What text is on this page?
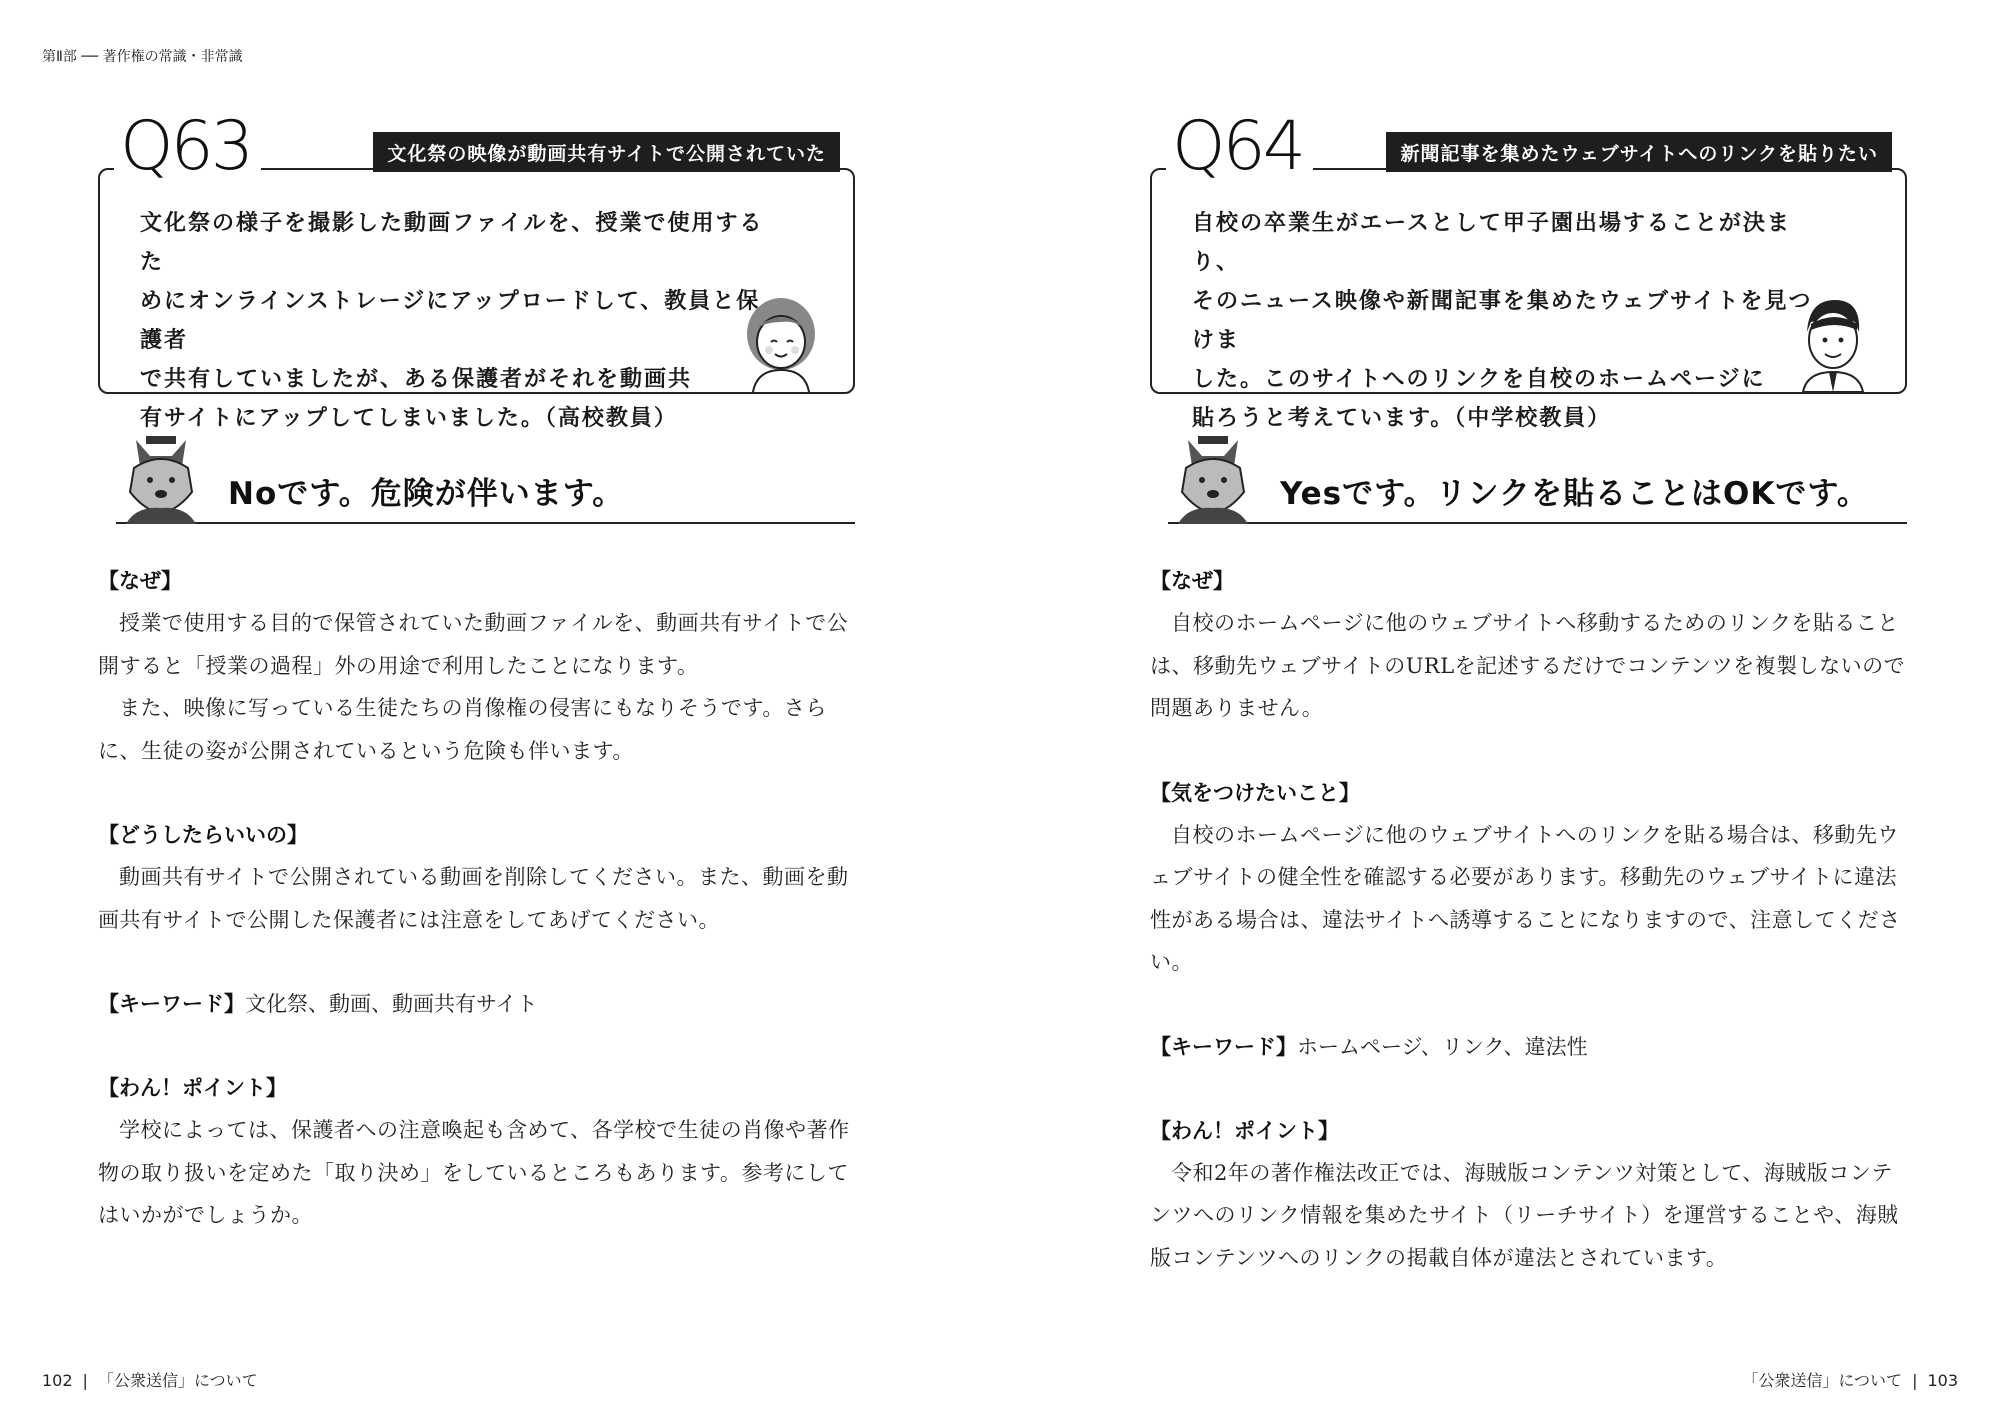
第Ⅱ部 ── 著作権の常識・非常識
文化祭の様子を撮影した動画ファイルを、授業で使用するた
めにオンラインストレージにアップロードして、教員と保護者
で共有していましたが、ある保護者がそれを動画共
有サイトにアップしてしまいました。（高校教員）
Q63	文化祭の映像が動画共有サイトで公開されていた
Noです。危険が伴います。

【なぜ】

授業で使用する目的で保管されていた動画ファイルを、動画共有サイトで公開すると「授業の過程」外の用途で利用したことになります。

また、映像に写っている生徒たちの肖像権の侵害にもなりそうです。さらに、生徒の姿が公開されているという危険も伴います。

【どうしたらいいの】

動画共有サイトで公開されている動画を削除してください。また、動画を動画共有サイトで公開した保護者には注意をしてあげてください。

【キーワード】文化祭、動画、動画共有サイト

【わん！ポイント】

学校によっては、保護者への注意喚起も含めて、各学校で生徒の肖像や著作物の取り扱いを定めた「取り決め」をしているところもあります。参考にしてはいかがでしょうか。

自校の卒業生がエースとして甲子園出場することが決まり、
そのニュース映像や新聞記事を集めたウェブサイトを見つけま
した。このサイトへのリンクを自校のホームページに
貼ろうと考えています。（中学校教員）
Q64	新聞記事を集めたウェブサイトへのリンクを貼りたい
Yesです。リンクを貼ることはOKです。

【なぜ】

自校のホームページに他のウェブサイトへ移動するためのリンクを貼ることは、移動先ウェブサイトのURLを記述するだけでコンテンツを複製しないので問題ありません。

【気をつけたいこと】

自校のホームページに他のウェブサイトへのリンクを貼る場合は、移動先ウェブサイトの健全性を確認する必要があります。移動先のウェブサイトに違法性がある場合は、違法サイトへ誘導することになりますので、注意してください。

【キーワード】ホームページ、リンク、違法性

【わん！ポイント】

令和2年の著作権法改正では、海賊版コンテンツ対策として、海賊版コンテンツへのリンク情報を集めたサイト（リーチサイト）を運営することや、海賊版コンテンツへのリンクの掲載自体が違法とされています。

102 | 「公衆送信」について	「公衆送信」について | 103
